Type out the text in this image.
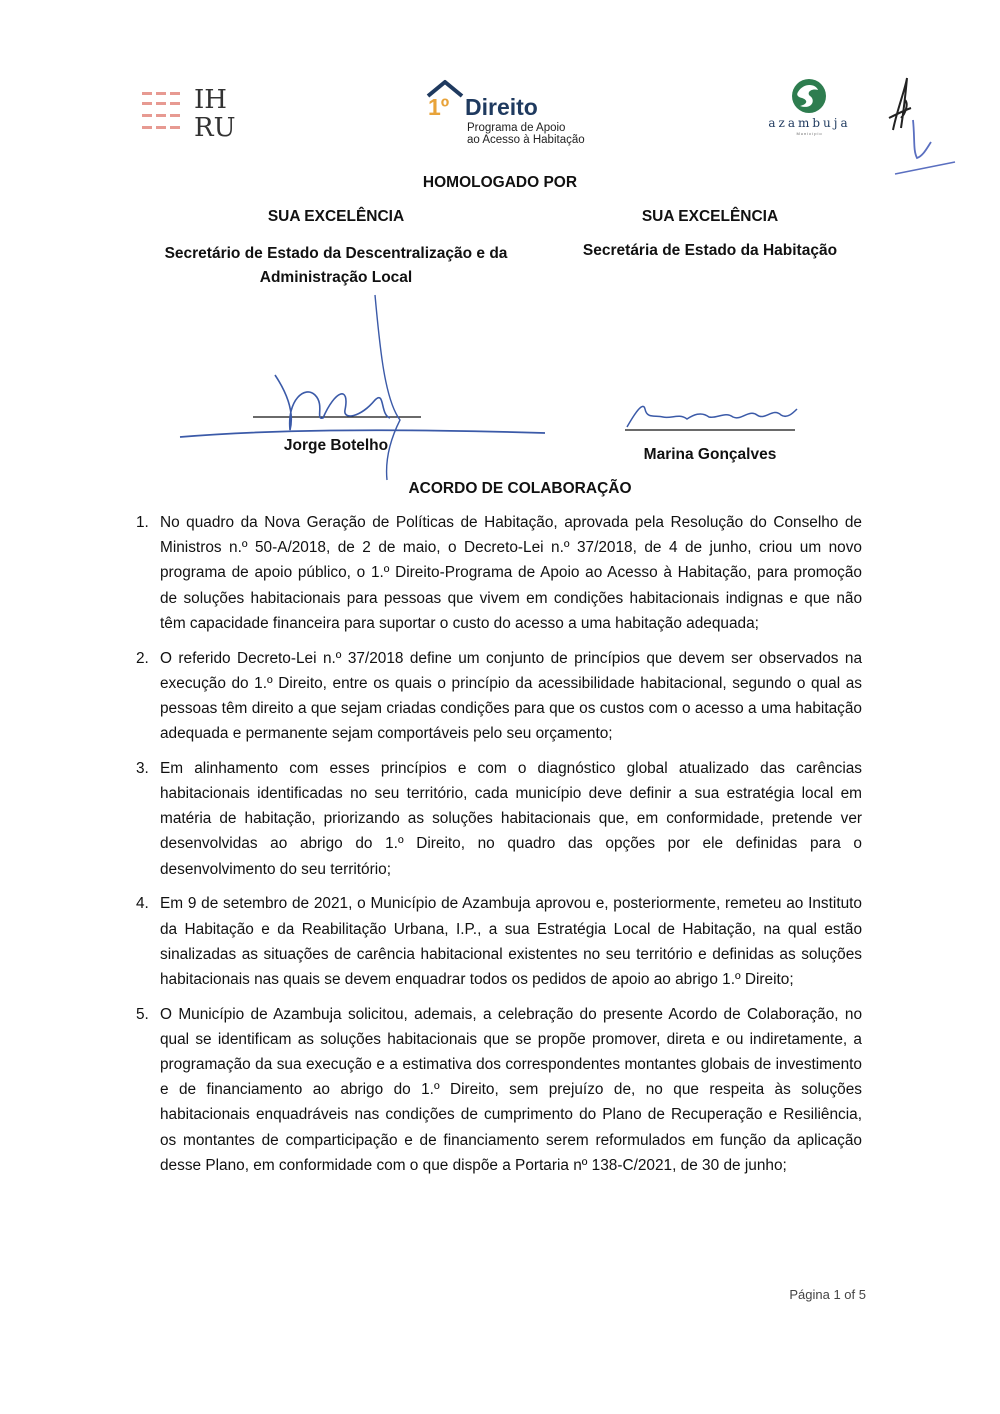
IH
RU
1º Direito
Programa de Apoio
ao Acesso à Habitação
azambuja
Município
HOMOLOGADO POR
SUA EXCELÊNCIA	SUA EXCELÊNCIA
Secretário de Estado da Descentralização e da
Administração Local
Secretária de Estado da Habitação
Jorge Botelho
Marina Gonçalves
ACORDO DE COLABORAÇÃO
1. No quadro da Nova Geração de Políticas de Habitação, aprovada pela Resolução do Conselho de Ministros n.º 50-A/2018, de 2 de maio, o Decreto-Lei n.º 37/2018, de 4 de junho, criou um novo programa de apoio público, o 1.º Direito-Programa de Apoio ao Acesso à Habitação, para promoção de soluções habitacionais para pessoas que vivem em condições habitacionais indignas e que não têm capacidade financeira para suportar o custo do acesso a uma habitação adequada;
2. O referido Decreto-Lei n.º 37/2018 define um conjunto de princípios que devem ser observados na execução do 1.º Direito, entre os quais o princípio da acessibilidade habitacional, segundo o qual as pessoas têm direito a que sejam criadas condições para que os custos com o acesso a uma habitação adequada e permanente sejam comportáveis pelo seu orçamento;
3. Em alinhamento com esses princípios e com o diagnóstico global atualizado das carências habitacionais identificadas no seu território, cada município deve definir a sua estratégia local em matéria de habitação, priorizando as soluções habitacionais que, em conformidade, pretende ver desenvolvidas ao abrigo do 1.º Direito, no quadro das opções por ele definidas para o desenvolvimento do seu território;
4. Em 9 de setembro de 2021, o Município de Azambuja aprovou e, posteriormente, remeteu ao Instituto da Habitação e da Reabilitação Urbana, I.P., a sua Estratégia Local de Habitação, na qual estão sinalizadas as situações de carência habitacional existentes no seu território e definidas as soluções habitacionais nas quais se devem enquadrar todos os pedidos de apoio ao abrigo 1.º Direito;
5. O Município de Azambuja solicitou, ademais, a celebração do presente Acordo de Colaboração, no qual se identificam as soluções habitacionais que se propõe promover, direta e ou indiretamente, a programação da sua execução e a estimativa dos correspondentes montantes globais de investimento e de financiamento ao abrigo do 1.º Direito, sem prejuízo de, no que respeita às soluções habitacionais enquadráveis nas condições de cumprimento do Plano de Recuperação e Resiliência, os montantes de comparticipação e de financiamento serem reformulados em função da aplicação desse Plano, em conformidade com o que dispõe a Portaria nº 138-C/2021, de 30 de junho;
Página 1 of 5
